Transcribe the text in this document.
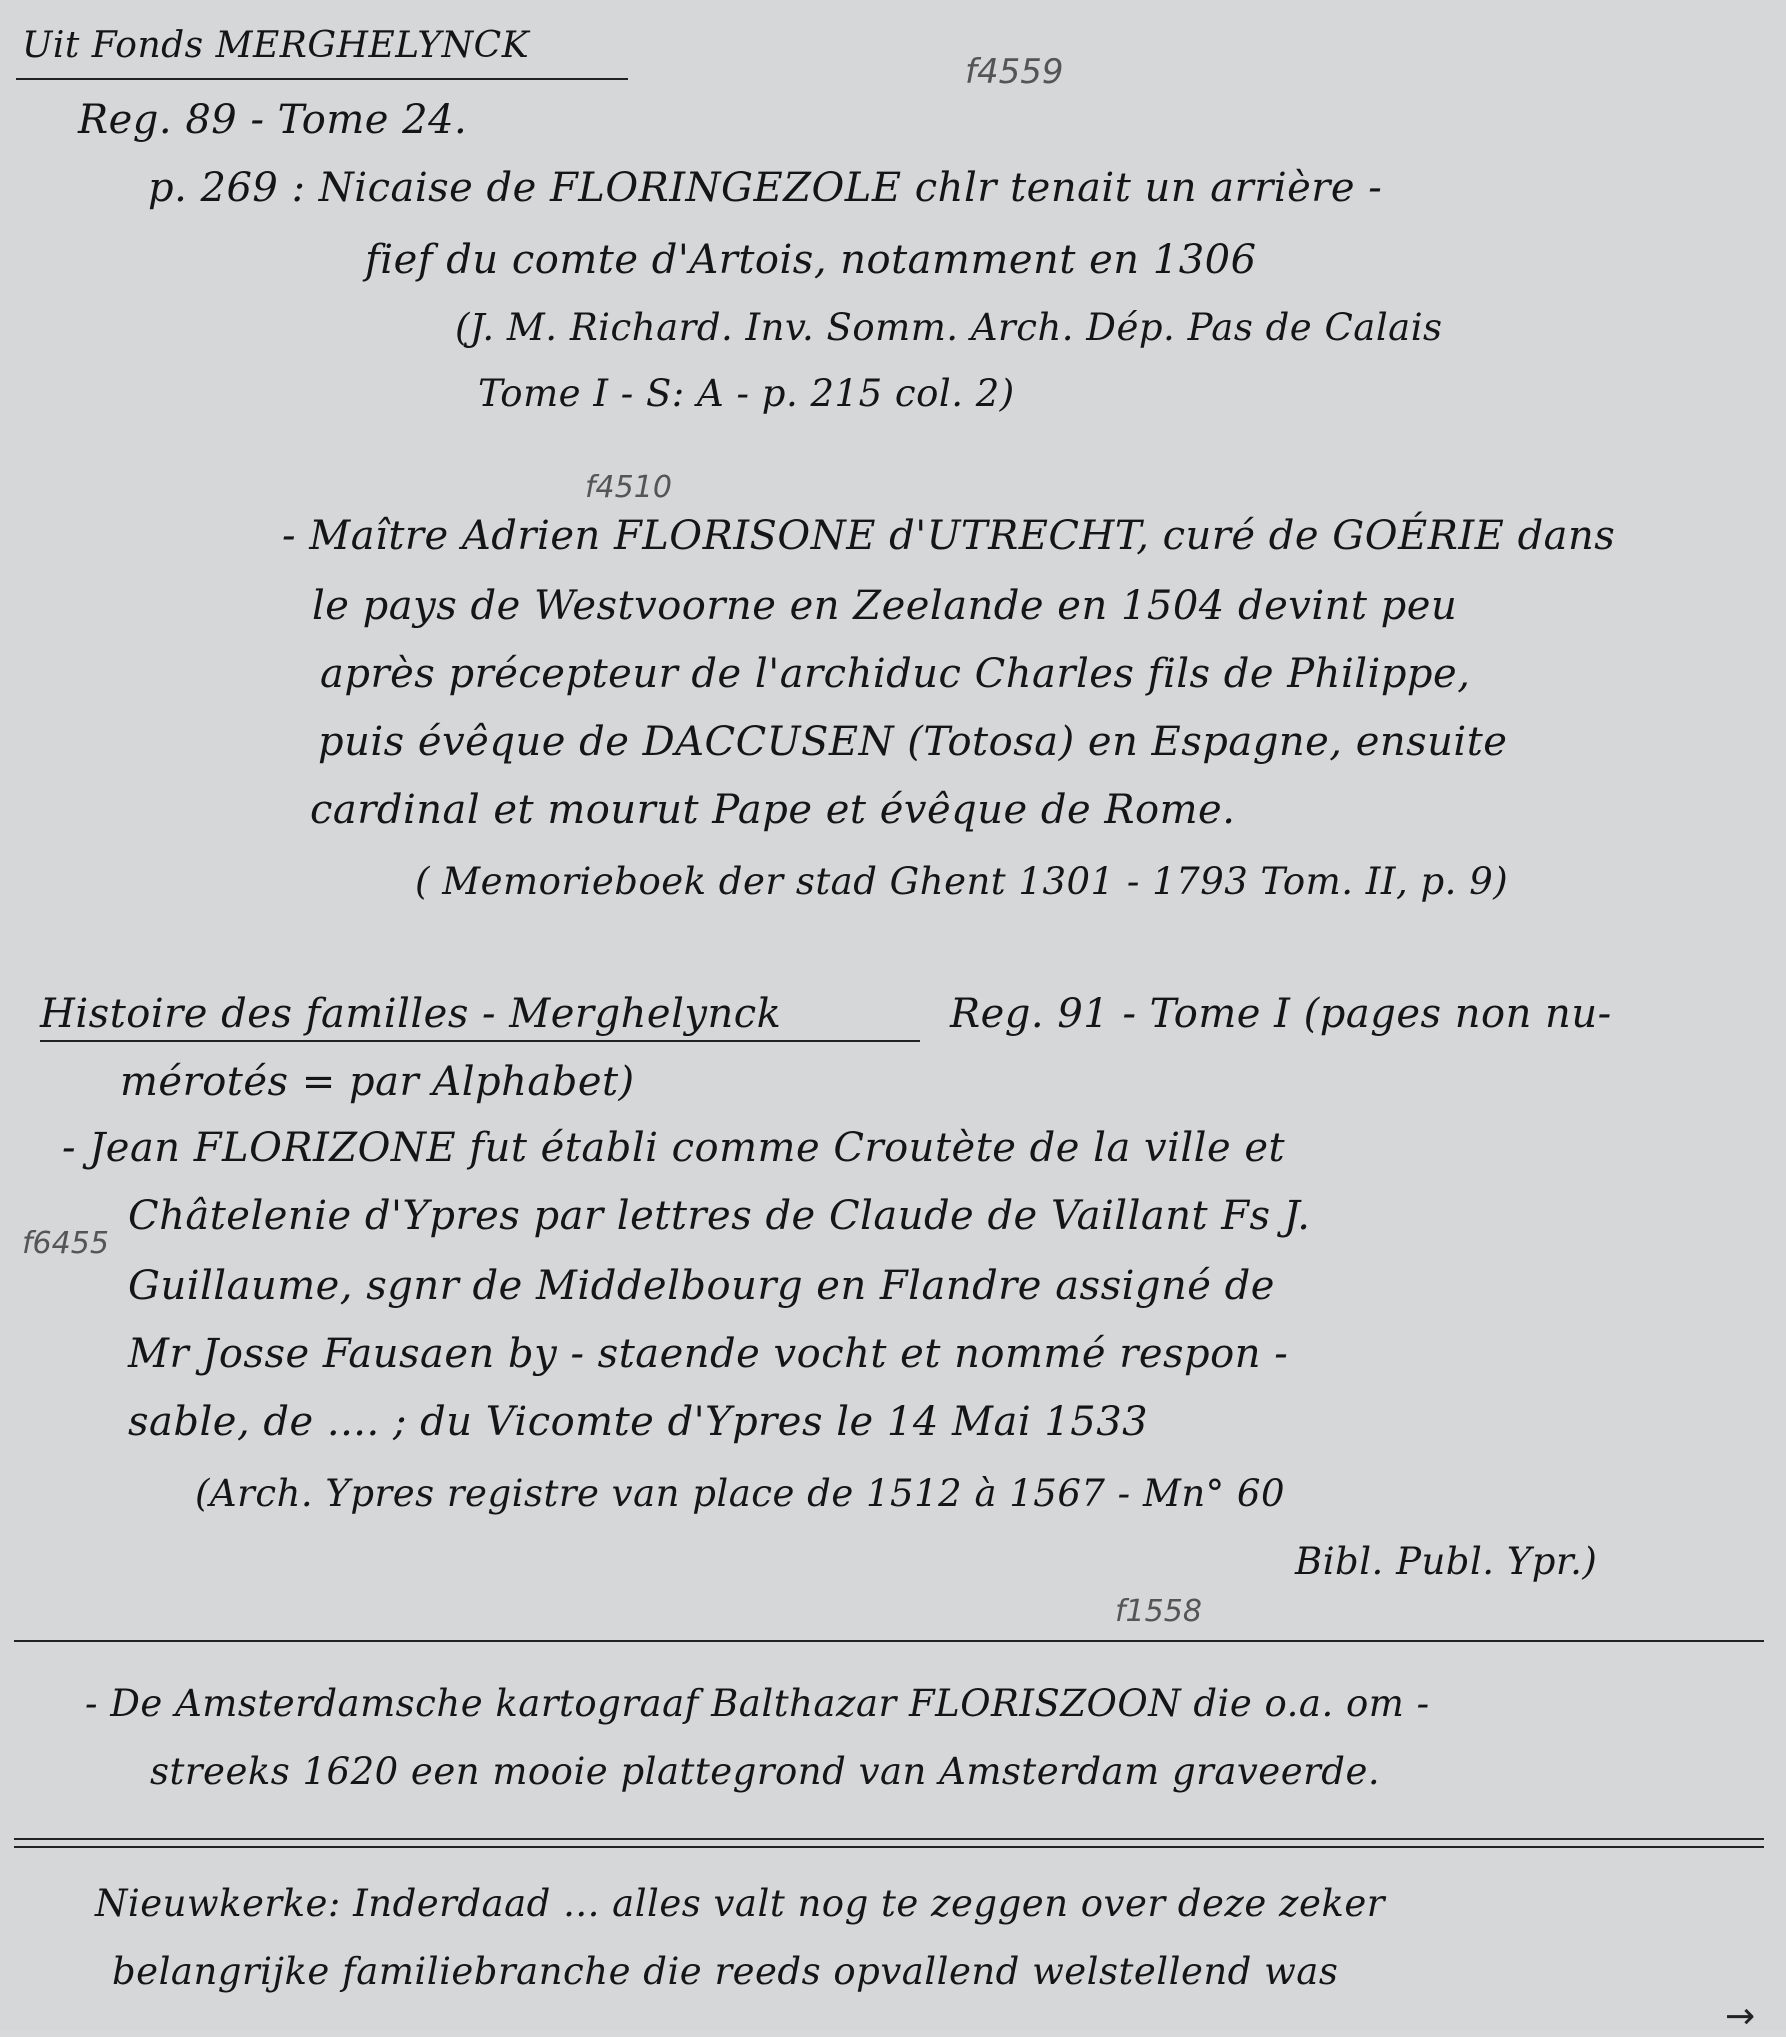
Uit Fonds MERGHELYNCK
Reg. 89 - Tome 24.
f4559
p. 269 : Nicaise de FLORINGEZOLE chlr tenait un arrière -
fief du comte d'Artois, notamment en 1306
(J. M. Richard. Inv. Somm. Arch. Dép. Pas de Calais
Tome I - S: A - p. 215 col. 2)
f4510
- Maître Adrien FLORISONE d'UTRECHT, curé de GOÉRIE dans
le pays de Westvoorne en Zeelande en 1504 devint peu
après précepteur de l'archiduc Charles fils de Philippe,
puis évêque de DACCUSEN (Totosa) en Espagne, ensuite
cardinal et mourut Pape et évêque de Rome.
( Memorieboek der stad Ghent 1301 - 1793 Tom. II, p. 9)
Histoire des familles - Merghelynck	Reg. 91 - Tome I (pages non nu-
mérotés = par Alphabet)
- Jean FLORIZONE fut établi comme Croutète de la ville et
f6455
Châtelenie d'Ypres par lettres de Claude de Vaillant Fs J.
Guillaume, sgnr de Middelbourg en Flandre assigné de
Mr Josse Fausaen by - staende vocht et nommé respon -
sable, de .... ; du Vicomte d'Ypres le 14 Mai 1533
(Arch. Ypres registre van place de 1512 à 1567 - Mn° 60
Bibl. Publ. Ypr.)
f1558
- De Amsterdamsche kartograaf Balthazar FLORISZOON die o.a. om -
streeks 1620 een mooie plattegrond van Amsterdam graveerde.
Nieuwkerke: Inderdaad ... alles valt nog te zeggen over deze zeker
belangrijke familiebranche die reeds opvallend welstellend was
→
